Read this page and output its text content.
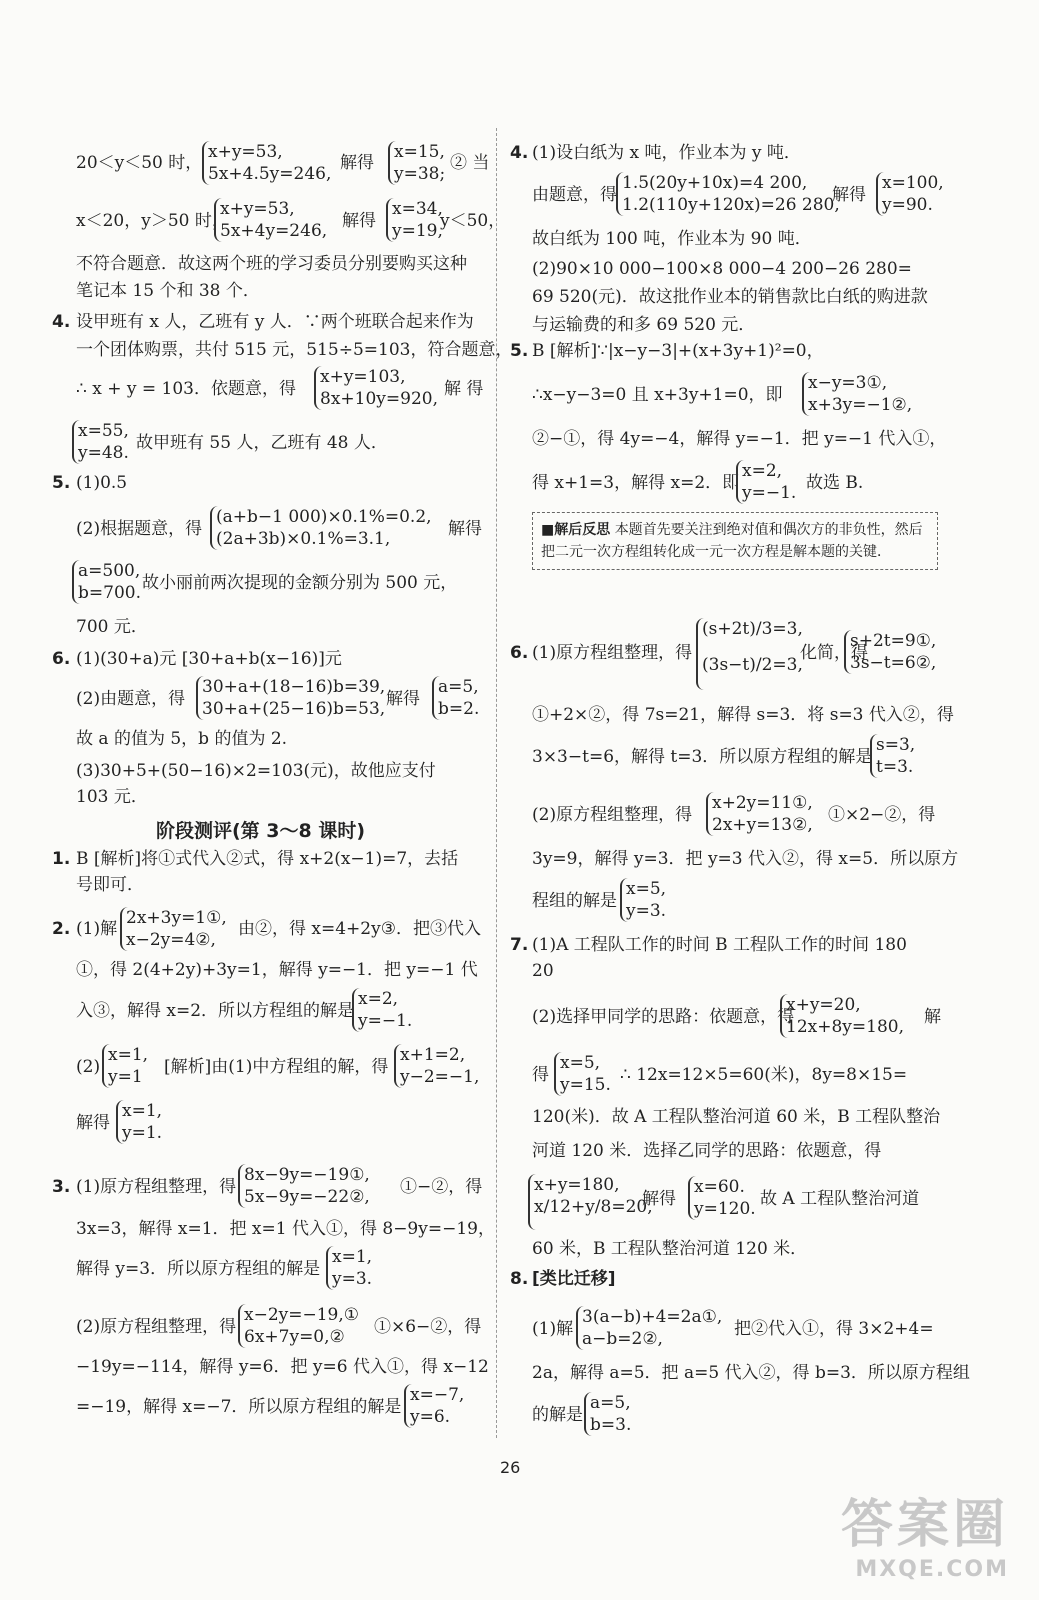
20＜y＜50 时，
x+y=53,
5x+4.5y=246,
解得
x=15,
y=38;
② 当
x＜20，y＞50 时，
x+y=53,
5x+4y=246, 解得
x=34,
y=19,
y＜50，
不符合题意．故这两个班的学习委员分别要购买这种
笔记本 15 个和 38 个．
4. 设甲班有 x 人，乙班有 y 人．∵两个班联合起来作为
一个团体购票，共付 515 元，515÷5=103，符合题意，
∴ x + y = 103．依题意，得
x+y=103,
8x+10y=920, 解 得
x=55,
y=48. 故甲班有 55 人，乙班有 48 人．
5. (1)0.5
(2)根据题意，得
(a+b−1 000)×0.1%=0.2,
(2a+3b)×0.1%=3.1,	解得
a=500,
b=700. 故小丽前两次提现的金额分别为 500 元，
700 元．
6. (1)(30+a)元 [30+a+b(x−16)]元
(2)由题意，得
30+a+(18−16)b=39,
30+a+(25−16)b=53, 解得
a=5,
b=2.
故 a 的值为 5，b 的值为 2.
(3)30+5+(50−16)×2=103(元)，故他应支付
103 元．
阶段测评(第 3～8 课时)
1. B [解析]将①式代入②式，得 x+2(x−1)=7，去括
号即可．
2. (1)解
2x+3y=1①,
x−2y=4②,
由②，得 x=4+2y③．把③代入
①，得 2(4+2y)+3y=1，解得 y=−1．把 y=−1 代
入③，解得 x=2．所以方程组的解是
x=2,
y=−1.
(2)
x=1,
y=1	[解析]由(1)中方程组的解，得
x+1=2,
y−2=−1,
解得
x=1,
y=1.
3. (1)原方程组整理，得
8x−9y=−19①,
5x−9y=−22②, ①−②，得
3x=3，解得 x=1．把 x=1 代入①，得 8−9y=−19，
解得 y=3．所以原方程组的解是
x=1,
y=3.
(2)原方程组整理，得
x−2y=−19,①
6x+7y=0,②	①×6−②，得
−19y=−114，解得 y=6．把 y=6 代入①，得 x−12
=−19，解得 x=−7．所以原方程组的解是
x=−7,
y=6.
4. (1)设白纸为 x 吨，作业本为 y 吨．
由题意，得
1.5(20y+10x)=4 200,
1.2(110y+120x)=26 280,
解得
x=100,
y=90.
故白纸为 100 吨，作业本为 90 吨．
(2)90×10 000−100×8 000−4 200−26 280=
69 520(元)．故这批作业本的销售款比白纸的购进款
与运输费的和多 69 520 元．
5. B [解析]∵|x−y−3|+(x+3y+1)²=0，
∴x−y−3=0 且 x+3y+1=0，即
x−y=3①,
x+3y=−1②,
②−①，得 4y=−4，解得 y=−1．把 y=−1 代入①，
得 x+1=3，解得 x=2．即
x=2,
y=−1. 故选 B.
■解后反思 本题首先要关注到绝对值和偶次方的非负性，然后把二元一次方程组转化成一元一次方程是解本题的关键．
6. (1)原方程组整理，得
(s+2t)/3=3,
(3s−t)/2=3,
化简，得
s+2t=9①,
3s−t=6②,
①+2×②，得 7s=21，解得 s=3．将 s=3 代入②，得
3×3−t=6，解得 t=3．所以原方程组的解是
s=3,
t=3.
(2)原方程组整理，得
x+2y=11①,
2x+y=13②, ①×2−②，得
3y=9，解得 y=3．把 y=3 代入②，得 x=5．所以原方
程组的解是
x=5,
y=3.
7. (1)A 工程队工作的时间 B 工程队工作的时间 180
20
(2)选择甲同学的思路：依题意，得
x+y=20,
12x+8y=180, 解
得
x=5,
y=15. ∴ 12x=12×5=60(米)，8y=8×15=
120(米)．故 A 工程队整治河道 60 米，B 工程队整治
河道 120 米．选择乙同学的思路：依题意，得
x+y=180,
x/12+y/8=20,
解得
x=60.
y=120. 故 A 工程队整治河道
60 米，B 工程队整治河道 120 米．
8. [类比迁移]
(1)解
3(a−b)+4=2a①,
a−b=2②,	把②代入①，得 3×2+4=
2a，解得 a=5．把 a=5 代入②，得 b=3．所以原方程组
的解是
a=5,
b=3.
26
答案圈
MXQE.COM
